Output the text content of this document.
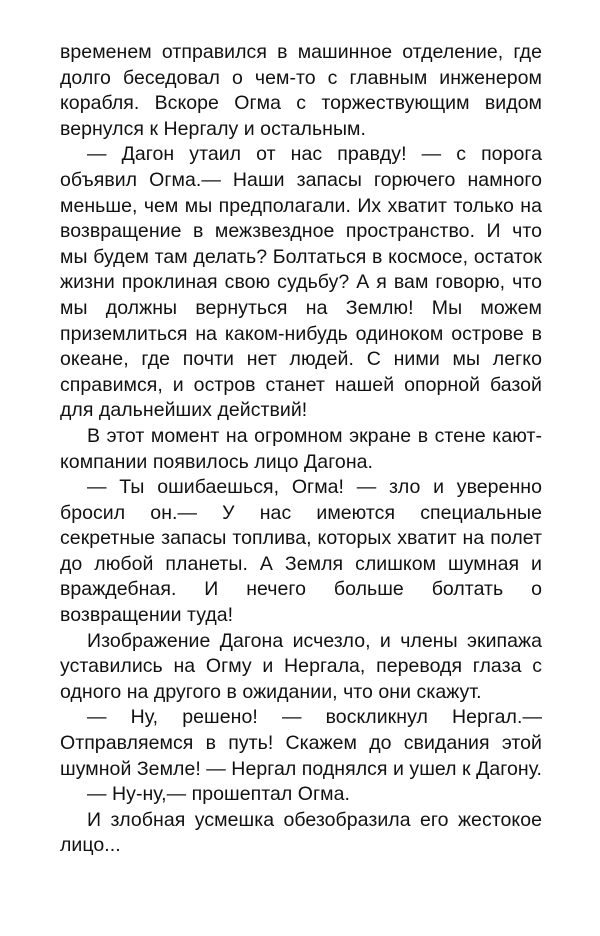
временем отправился в машинное отделение, где долго беседовал о чем-то с главным инженером корабля. Вскоре Огма с торжествующим видом вернулся к Нергалу и остальным.

— Дагон утаил от нас правду! — с порога объявил Огма.— Наши запасы горючего намного меньше, чем мы предполагали. Их хватит только на возвращение в межзвездное пространство. И что мы будем там делать? Болтаться в космосе, остаток жизни проклиная свою судьбу? А я вам говорю, что мы должны вернуться на Землю! Мы можем приземлиться на каком-нибудь одиноком острове в океане, где почти нет людей. С ними мы легко справимся, и остров станет нашей опорной базой для дальнейших действий!

В этот момент на огромном экране в стене кают-компании появилось лицо Дагона.

— Ты ошибаешься, Огма! — зло и уверенно бросил он.— У нас имеются специальные секретные запасы топлива, которых хватит на полет до любой планеты. А Земля слишком шумная и враждебная. И нечего больше болтать о возвращении туда!

Изображение Дагона исчезло, и члены экипажа уставились на Огму и Нергала, переводя глаза с одного на другого в ожидании, что они скажут.

— Ну, решено! — воскликнул Нергал.— Отправляемся в путь! Скажем до свидания этой шумной Земле! — Нергал поднялся и ушел к Дагону.

— Ну-ну,— прошептал Огма.

И злобная усмешка обезобразила его жестокое лицо...
